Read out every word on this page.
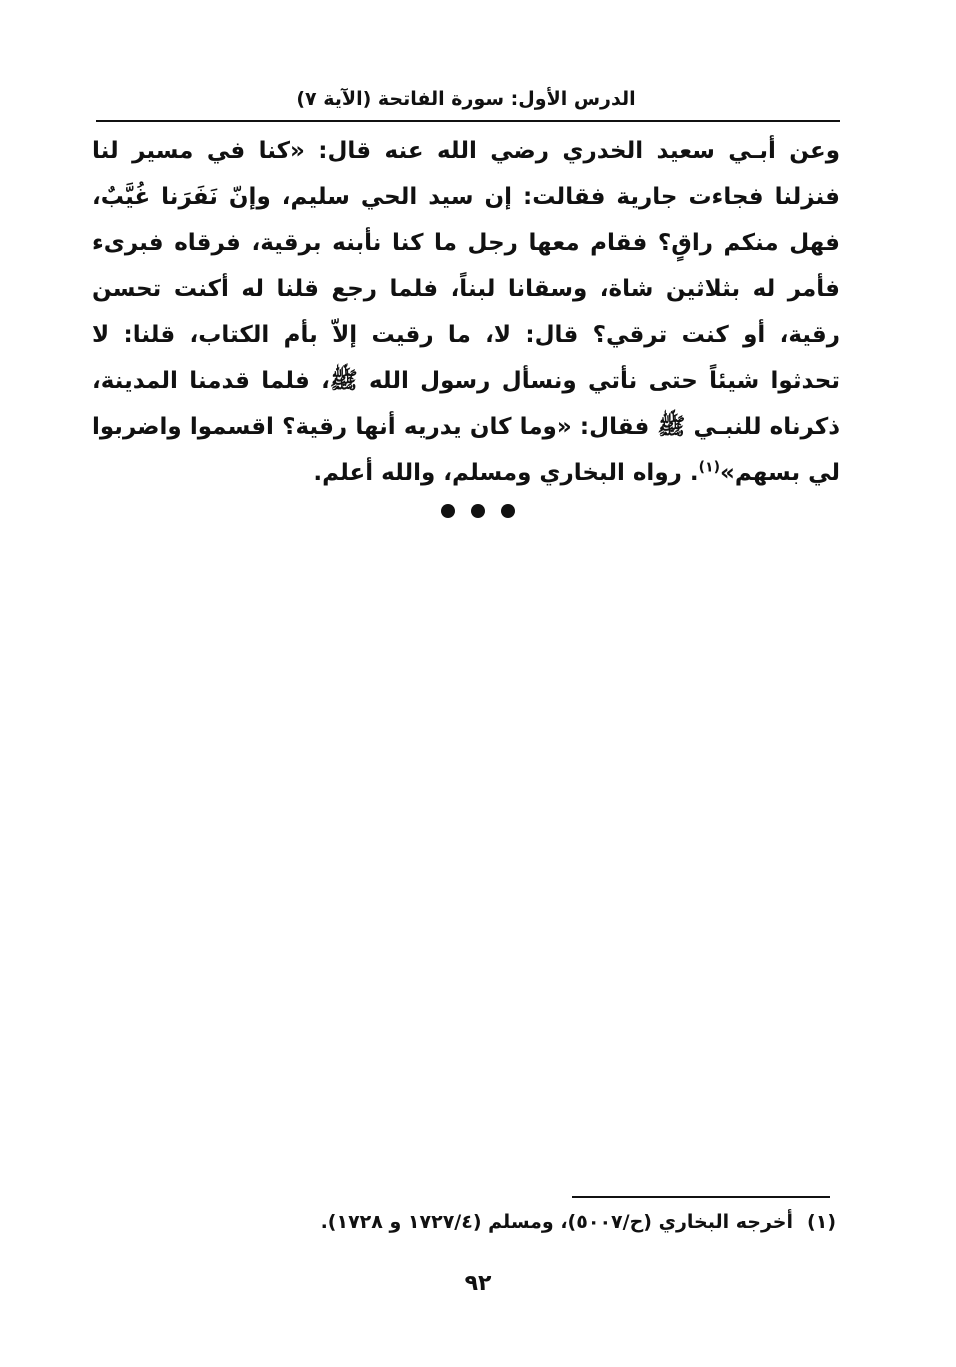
الدرس الأول: سورة الفاتحة (الآية ٧)

وعن أبـي سعيد الخدري رضي الله عنه قال: «كنا في مسير لنا فنزلنا فجاءت جارية فقالت: إن سيد الحي سليم، وإنّ نَفَرَنا غُيَّبٌ، فهل منكم راقٍ؟ فقام معها رجل ما كنا نأبنه برقية، فرقاه فبرىء فأمر له بثلاثين شاة، وسقانا لبناً، فلما رجع قلنا له أكنت تحسن رقية، أو كنت ترقي؟ قال: لا، ما رقيت إلاّ بأم الكتاب، قلنا: لا تحدثوا شيئاً حتى نأتي ونسأل رسول الله ﷺ، فلما قدمنا المدينة، ذكرناه للنبـي ﷺ فقال: «وما كان يدريه أنها رقية؟ اقسموا واضربوا لي بسهم»$^{(١)}$. رواه البخاري ومسلم، والله أعلم.

(١)أخرجه البخاري (ح/٥٠٠٧)، ومسلم (١٧٢٧/٤ و ١٧٢٨).

٩٢
